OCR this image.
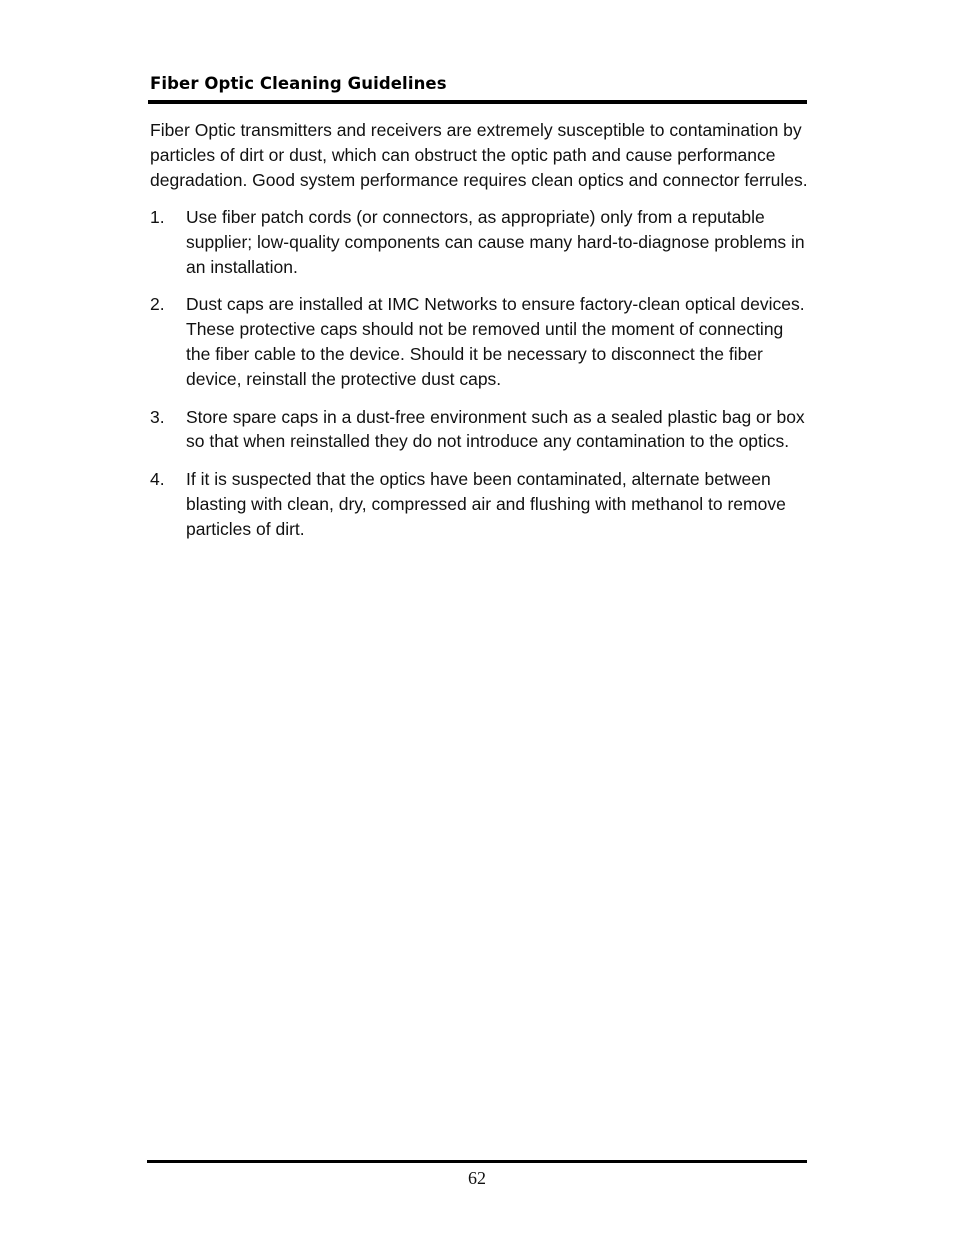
Fiber Optic Cleaning Guidelines

Fiber Optic transmitters and receivers are extremely susceptible to contamination by particles of dirt or dust, which can obstruct the optic path and cause performance degradation. Good system performance requires clean optics and connector ferrules.

1. Use fiber patch cords (or connectors, as appropriate) only from a reputable supplier; low-quality components can cause many hard-to-diagnose problems in an installation.
2. Dust caps are installed at IMC Networks to ensure factory-clean optical devices. These protective caps should not be removed until the moment of connecting the fiber cable to the device. Should it be necessary to disconnect the fiber device, reinstall the protective dust caps.
3. Store spare caps in a dust-free environment such as a sealed plastic bag or box so that when reinstalled they do not introduce any contamination to the optics.
4. If it is suspected that the optics have been contaminated, alternate between blasting with clean, dry, compressed air and flushing with methanol to remove particles of dirt.
62
